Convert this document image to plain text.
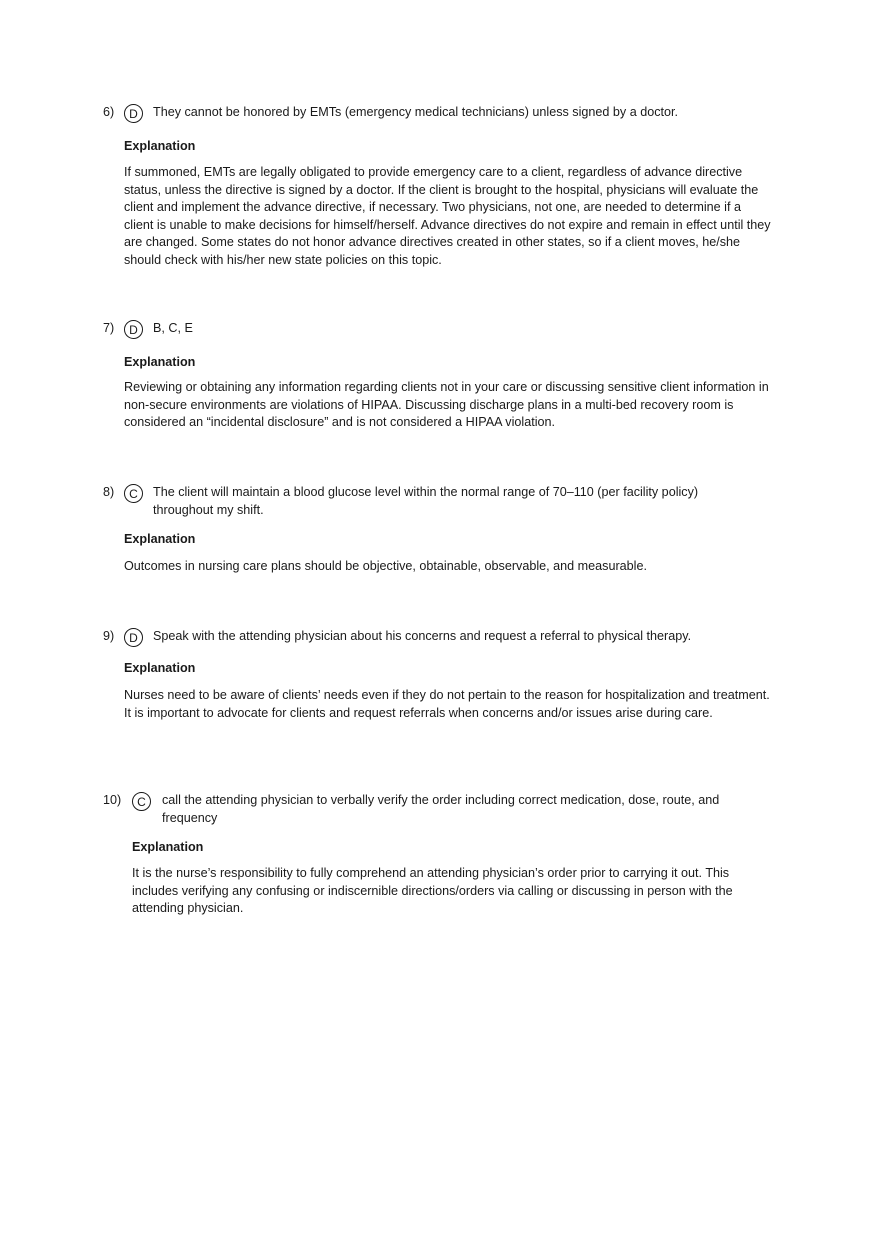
6)	D	They cannot be honored by EMTs (emergency medical technicians) unless signed by a doctor.
Explanation
If summoned, EMTs are legally obligated to provide emergency care to a client, regardless of advance directive status, unless the directive is signed by a doctor. If the client is brought to the hospital, physicians will evaluate the client and implement the advance directive, if necessary. Two physicians, not one, are needed to determine if a client is unable to make decisions for himself/herself. Advance directives do not expire and remain in effect until they are changed. Some states do not honor advance directives created in other states, so if a client moves, he/she should check with his/her new state policies on this topic.
7)	D	B, C, E
Explanation
Reviewing or obtaining any information regarding clients not in your care or discussing sensitive client information in non-secure environments are violations of HIPAA. Discussing discharge plans in a multi-bed recovery room is considered an “incidental disclosure” and is not considered a HIPAA violation.
8)	C	The client will maintain a blood glucose level within the normal range of 70–110 (per facility policy) throughout my shift.
Explanation
Outcomes in nursing care plans should be objective, obtainable, observable, and measurable.
9)	D	Speak with the attending physician about his concerns and request a referral to physical therapy.
Explanation
Nurses need to be aware of clients’ needs even if they do not pertain to the reason for hospitalization and treatment. It is important to advocate for clients and request referrals when concerns and/or issues arise during care.
10)	C	call the attending physician to verbally verify the order including correct medication, dose, route, and frequency
Explanation
It is the nurse’s responsibility to fully comprehend an attending physician’s order prior to carrying it out. This includes verifying any confusing or indiscernible directions/orders via calling or discussing in person with the attending physician.
